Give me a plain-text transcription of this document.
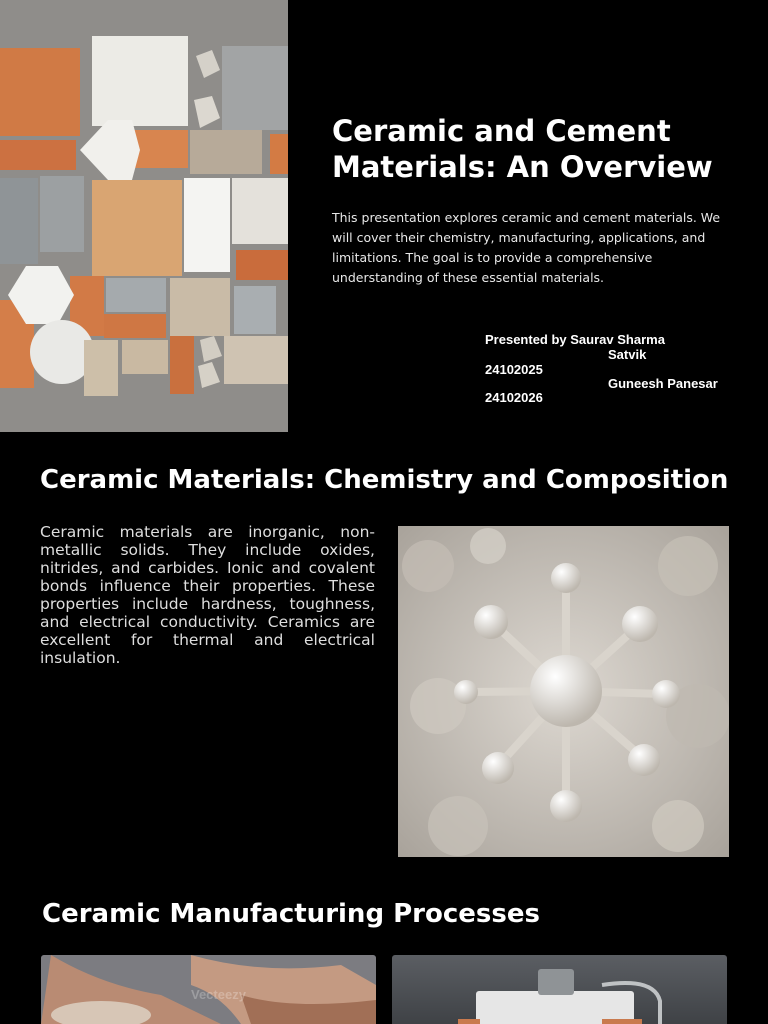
Ceramic and Cement Materials: An Overview

This presentation explores ceramic and cement materials. We will cover their chemistry, manufacturing, applications, and limitations. The goal is to provide a comprehensive understanding of these essential materials.

Presented by Saurav Sharma
Satvik
24102025
Guneesh Panesar
24102026
Ceramic Materials: Chemistry and Composition

Ceramic materials are inorganic, non-metallic solids. They include oxides, nitrides, and carbides. Ionic and covalent bonds influence their properties. These properties include hardness, toughness, and electrical conductivity. Ceramics are excellent for thermal and electrical insulation.

Ceramic Manufacturing Processes
Vecteezy
